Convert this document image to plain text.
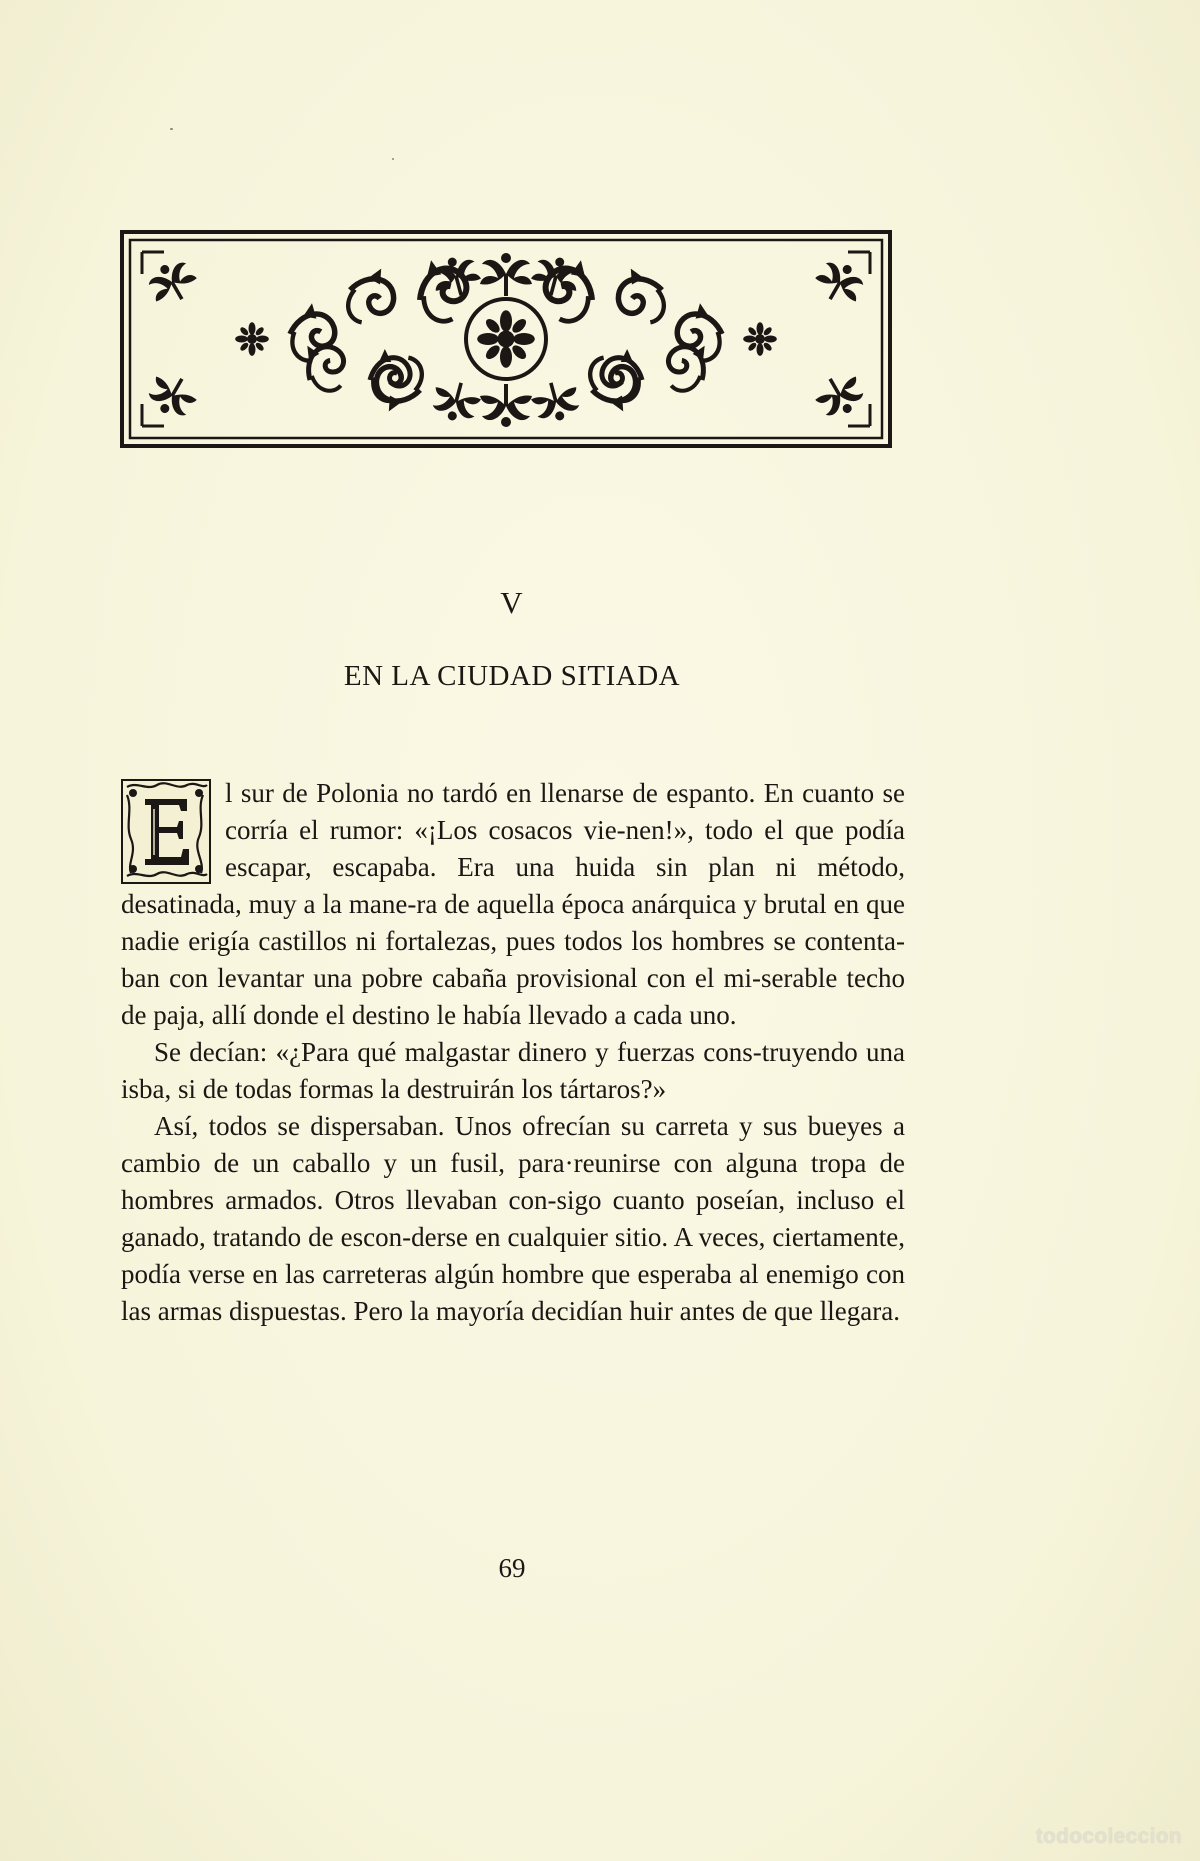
V
EN LA CIUDAD SITIADA

l sur de Polonia no tardó en llenarse de espanto. En cuanto se corría el rumor: «¡Los cosacos vie-nen!», todo el que podía escapar, escapaba. Era una huida sin plan ni método, desatinada, muy a la mane-ra de aquella época anárquica y brutal en que nadie erigía castillos ni fortalezas, pues todos los hombres se contenta-ban con levantar una pobre cabaña provisional con el mi-serable techo de paja, allí donde el destino le había llevado a cada uno.

Se decían: «¿Para qué malgastar dinero y fuerzas cons-truyendo una isba, si de todas formas la destruirán los tártaros?»

Así, todos se dispersaban. Unos ofrecían su carreta y sus bueyes a cambio de un caballo y un fusil, para·reunirse con alguna tropa de hombres armados. Otros llevaban con-sigo cuanto poseían, incluso el ganado, tratando de escon-derse en cualquier sitio. A veces, ciertamente, podía verse en las carreteras algún hombre que esperaba al enemigo con las armas dispuestas. Pero la mayoría decidían huir antes de que llegara.

69
todocoleccion
